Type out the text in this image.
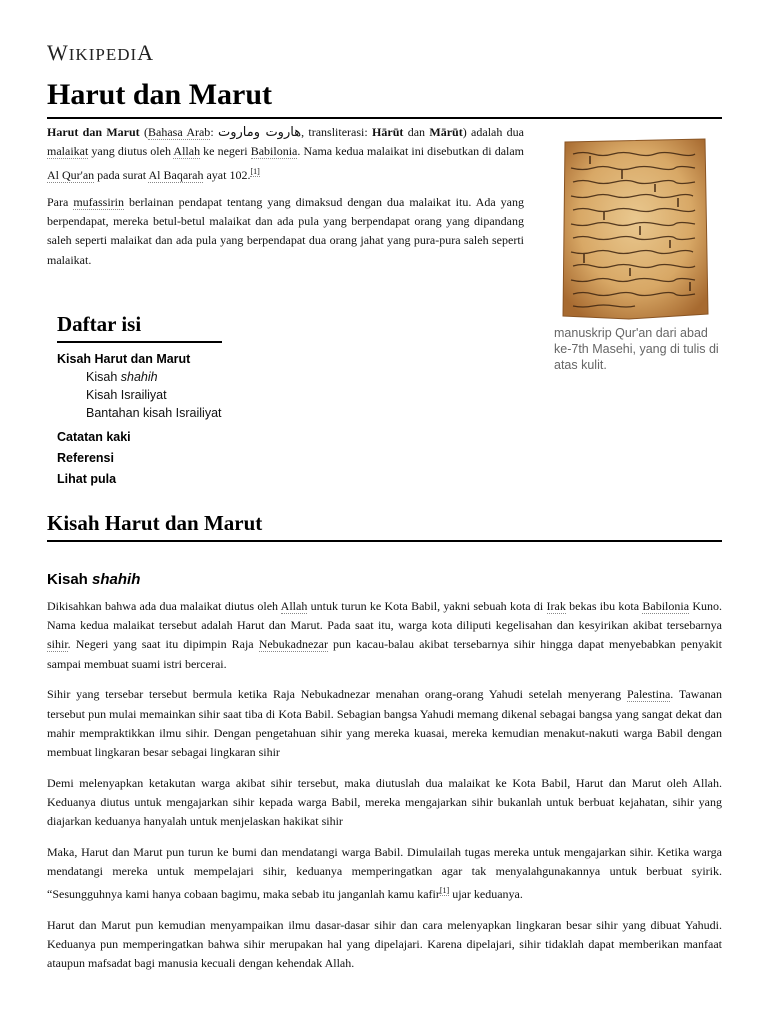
WIKIPEDIA
Harut dan Marut

Harut dan Marut (Bahasa Arab: هاروت وماروت, transliterasi: Hārūt dan Mārūt) adalah dua malaikat yang diutus oleh Allah ke negeri Babilonia. Nama kedua malaikat ini disebutkan di dalam Al Qur'an pada surat Al Baqarah ayat 102.[1]

Para mufassirin berlainan pendapat tentang yang dimaksud dengan dua malaikat itu. Ada yang berpendapat, mereka betul-betul malaikat dan ada pula yang berpendapat orang yang dipandang saleh seperti malaikat dan ada pula yang berpendapat dua orang jahat yang pura-pura saleh seperti malaikat.

manuskrip Qur'an dari abad ke-7th Masehi, yang di tulis di atas kulit.
Daftar isi
Kisah Harut dan Marut
Kisah shahih
Kisah Israiliyat
Bantahan kisah Israiliyat
Catatan kaki
Referensi
Lihat pula
Kisah Harut dan Marut
Kisah shahih

Dikisahkan bahwa ada dua malaikat diutus oleh Allah untuk turun ke Kota Babil, yakni sebuah kota di Irak bekas ibu kota Babilonia Kuno. Nama kedua malaikat tersebut adalah Harut dan Marut. Pada saat itu, warga kota diliputi kegelisahan dan kesyirikan akibat tersebarnya sihir. Negeri yang saat itu dipimpin Raja Nebukadnezar pun kacau-balau akibat tersebarnya sihir hingga dapat menyebabkan penyakit sampai membuat suami istri bercerai.

Sihir yang tersebar tersebut bermula ketika Raja Nebukadnezar menahan orang-orang Yahudi setelah menyerang Palestina. Tawanan tersebut pun mulai memainkan sihir saat tiba di Kota Babil. Sebagian bangsa Yahudi memang dikenal sebagai bangsa yang sangat dekat dan mahir mempraktikkan ilmu sihir. Dengan pengetahuan sihir yang mereka kuasai, mereka kemudian menakut-nakuti warga Babil dengan membuat lingkaran besar sebagai lingkaran sihir

Demi melenyapkan ketakutan warga akibat sihir tersebut, maka diutuslah dua malaikat ke Kota Babil, Harut dan Marut oleh Allah. Keduanya diutus untuk mengajarkan sihir kepada warga Babil, mereka mengajarkan sihir bukanlah untuk berbuat kejahatan, sihir yang diajarkan keduanya hanyalah untuk menjelaskan hakikat sihir

Maka, Harut dan Marut pun turun ke bumi dan mendatangi warga Babil. Dimulailah tugas mereka untuk mengajarkan sihir. Ketika warga mendatangi mereka untuk mempelajari sihir, keduanya memperingatkan agar tak menyalahgunakannya untuk berbuat syirik. “Sesungguhnya kami hanya cobaan bagimu, maka sebab itu janganlah kamu kafir[1] ujar keduanya.

Harut dan Marut pun kemudian menyampaikan ilmu dasar-dasar sihir dan cara melenyapkan lingkaran besar sihir yang dibuat Yahudi. Keduanya pun memperingatkan bahwa sihir merupakan hal yang dipelajari. Karena dipelajari, sihir tidaklah dapat memberikan manfaat ataupun mafsadat bagi manusia kecuali dengan kehendak Allah.
